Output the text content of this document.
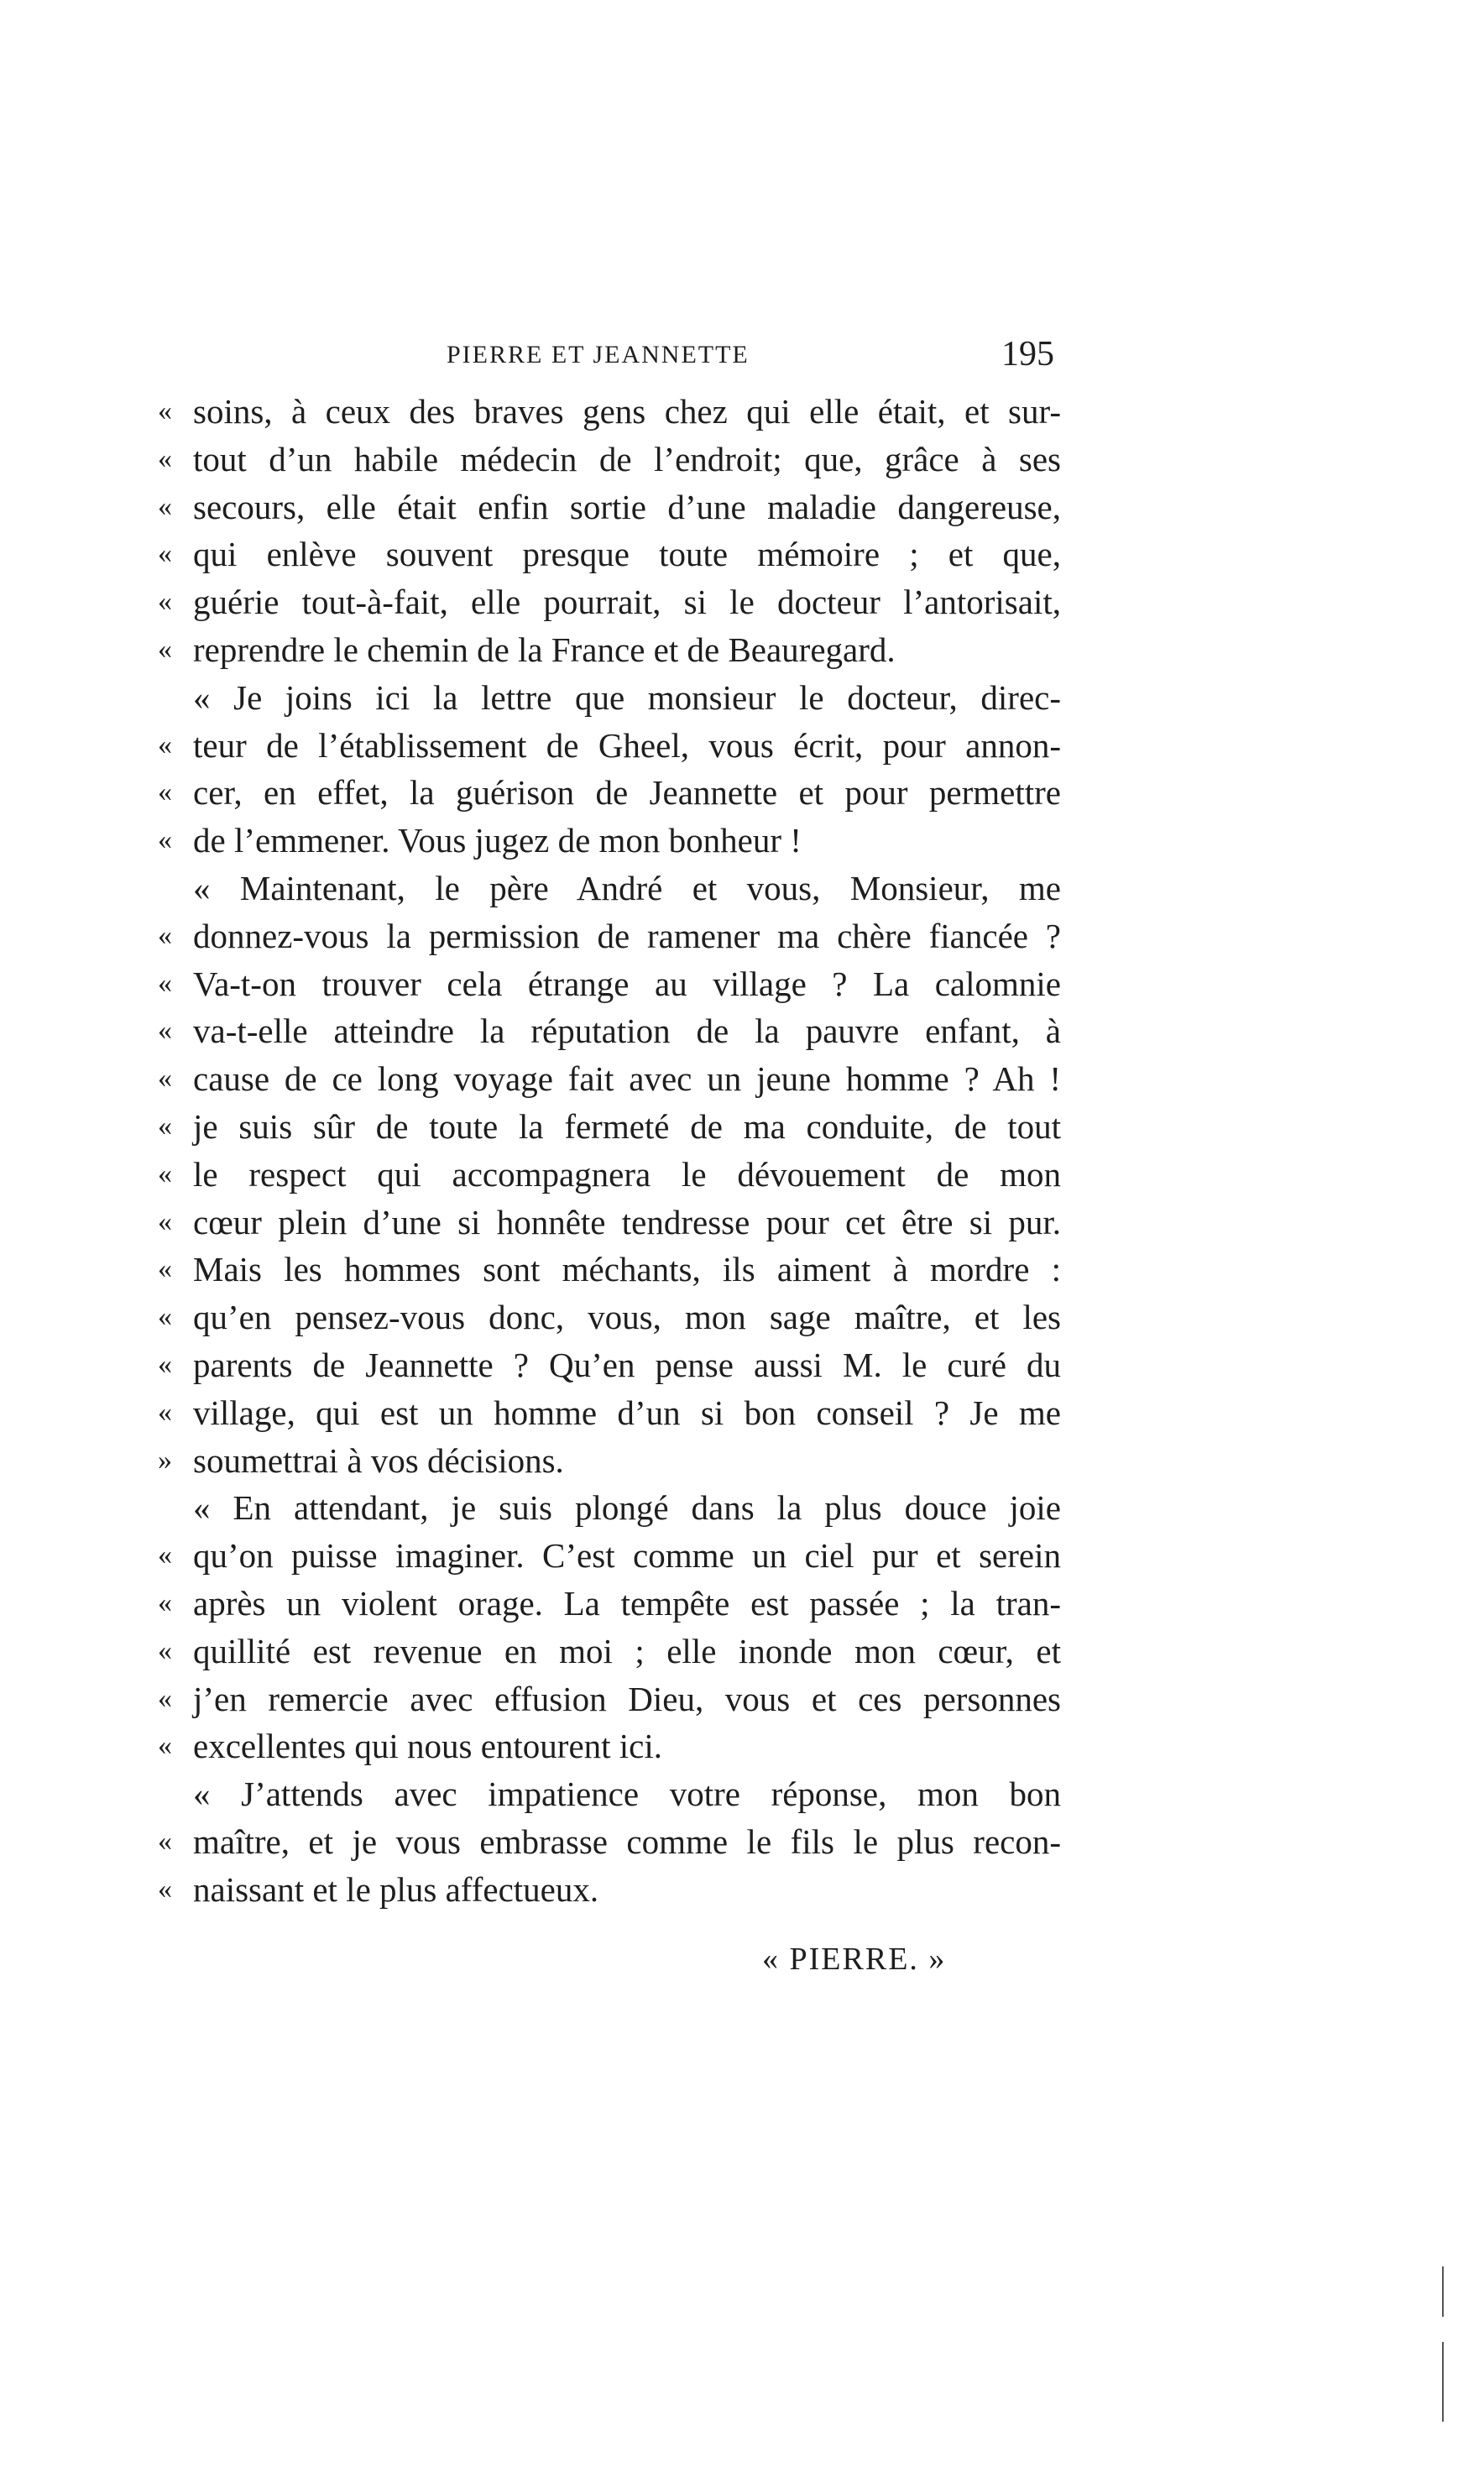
PIERRE ET JEANNETTE	195
« soins, à ceux des braves gens chez qui elle était, et sur-
« tout d’un habile médecin de l’endroit; que, grâce à ses
« secours, elle était enfin sortie d’une maladie dangereuse,
« qui enlève souvent presque toute mémoire ; et que,
« guérie tout-à-fait, elle pourrait, si le docteur l’antorisait,
« reprendre le chemin de la France et de Beauregard.
« Je joins ici la lettre que monsieur le docteur, direc-
« teur de l’établissement de Gheel, vous écrit, pour annon-
« cer, en effet, la guérison de Jeannette et pour permettre
« de l’emmener. Vous jugez de mon bonheur !
« Maintenant, le père André et vous, Monsieur, me
« donnez-vous la permission de ramener ma chère fiancée ?
« Va-t-on trouver cela étrange au village ? La calomnie
« va-t-elle atteindre la réputation de la pauvre enfant, à
« cause de ce long voyage fait avec un jeune homme ? Ah !
« je suis sûr de toute la fermeté de ma conduite, de tout
« le respect qui accompagnera le dévouement de mon
« cœur plein d’une si honnête tendresse pour cet être si pur.
« Mais les hommes sont méchants, ils aiment à mordre :
« qu’en pensez-vous donc, vous, mon sage maître, et les
« parents de Jeannette ? Qu’en pense aussi M. le curé du
« village, qui est un homme d’un si bon conseil ? Je me
» soumettrai à vos décisions.
« En attendant, je suis plongé dans la plus douce joie
« qu’on puisse imaginer. C’est comme un ciel pur et serein
« après un violent orage. La tempête est passée ; la tran-
« quillité est revenue en moi ; elle inonde mon cœur, et
« j’en remercie avec effusion Dieu, vous et ces personnes
« excellentes qui nous entourent ici.
« J’attends avec impatience votre réponse, mon bon
« maître, et je vous embrasse comme le fils le plus recon-
« naissant et le plus affectueux.
« PIERRE. »
